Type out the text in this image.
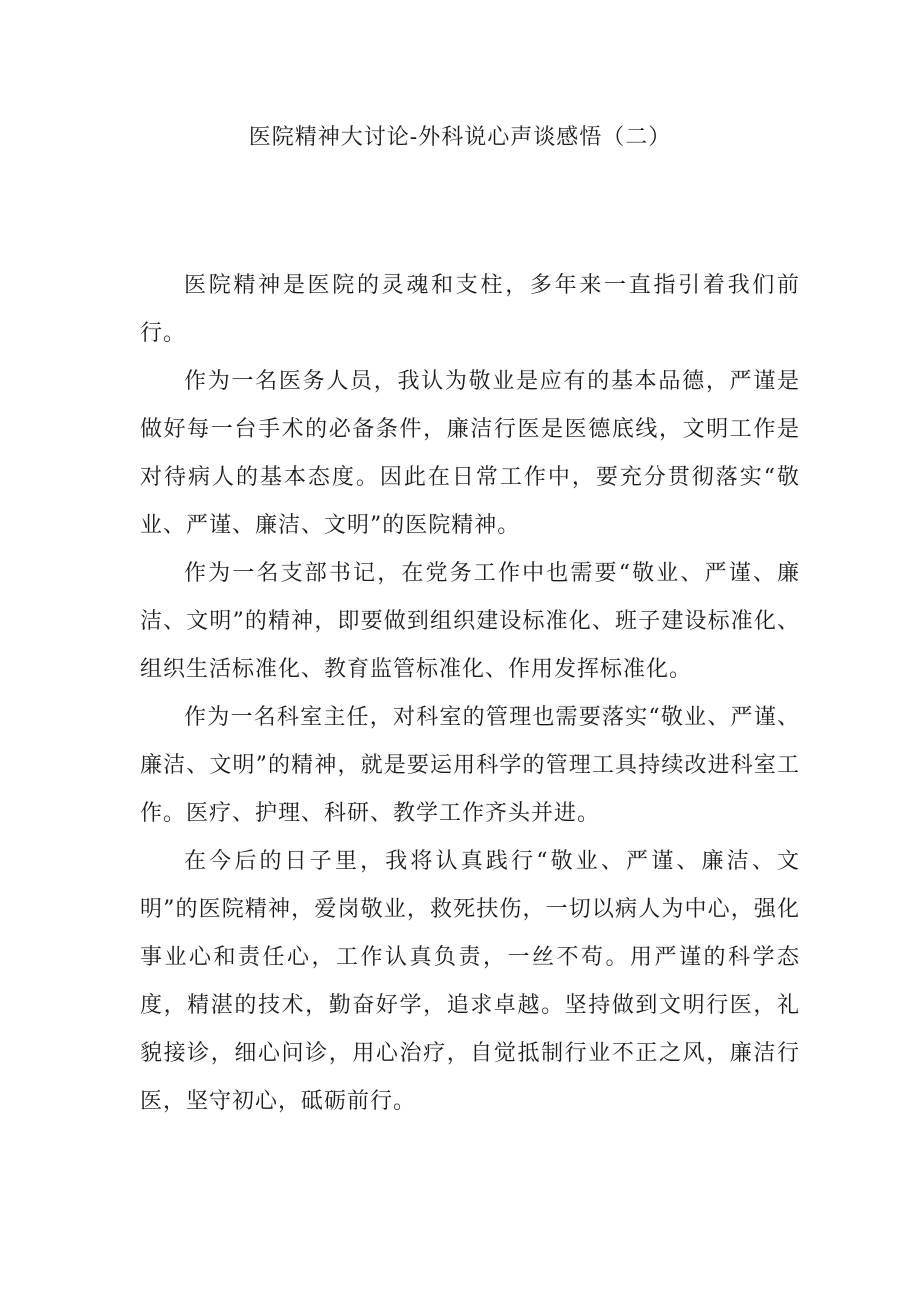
医院精神大讨论-外科说心声谈感悟（二）

医院精神是医院的灵魂和支柱，多年来一直指引着我们前行。

作为一名医务人员，我认为敬业是应有的基本品德，严谨是做好每一台手术的必备条件，廉洁行医是医德底线，文明工作是对待病人的基本态度。因此在日常工作中，要充分贯彻落实“敬业、严谨、廉洁、文明”的医院精神。

作为一名支部书记，在党务工作中也需要“敬业、严谨、廉洁、文明”的精神，即要做到组织建设标准化、班子建设标准化、组织生活标准化、教育监管标准化、作用发挥标准化。

作为一名科室主任，对科室的管理也需要落实“敬业、严谨、廉洁、文明”的精神，就是要运用科学的管理工具持续改进科室工作。医疗、护理、科研、教学工作齐头并进。

在今后的日子里，我将认真践行“敬业、严谨、廉洁、文明”的医院精神，爱岗敬业，救死扶伤，一切以病人为中心，强化事业心和责任心，工作认真负责，一丝不苟。用严谨的科学态度，精湛的技术，勤奋好学，追求卓越。坚持做到文明行医，礼貌接诊，细心问诊，用心治疗，自觉抵制行业不正之风，廉洁行医，坚守初心，砥砺前行。
